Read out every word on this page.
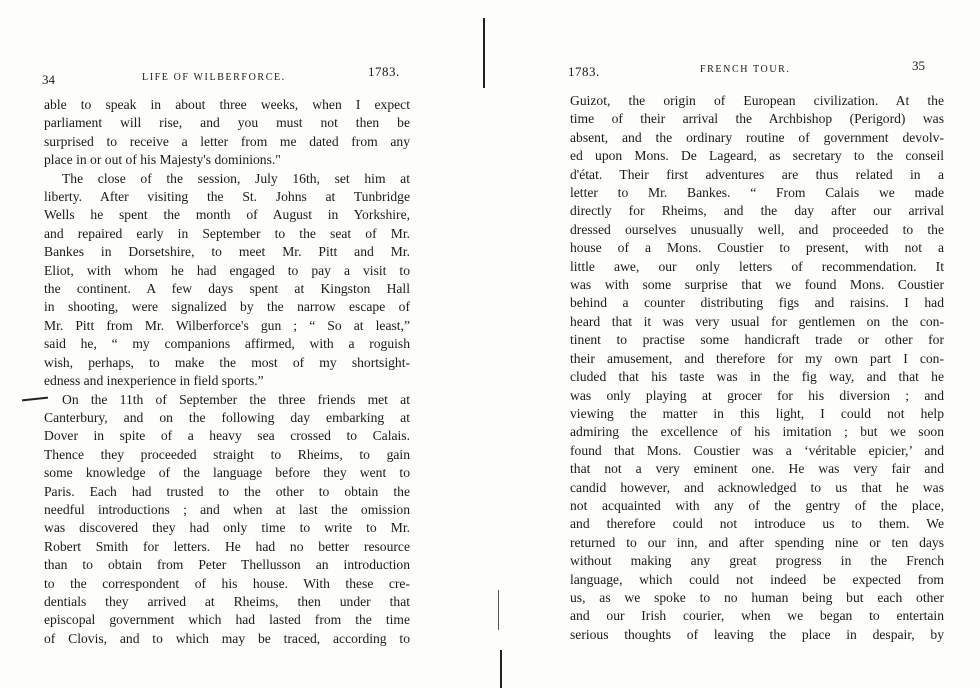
34	LIFE OF WILBERFORCE.	1783.
able to speak in about three weeks, when I expect
parliament will rise, and you must not then be
surprised to receive a letter from me dated from any
place in or out of his Majesty's dominions."
The close of the session, July 16th, set him at
liberty. After visiting the St. Johns at Tunbridge
Wells he spent the month of August in Yorkshire,
and repaired early in September to the seat of Mr.
Bankes in Dorsetshire, to meet Mr. Pitt and Mr.
Eliot, with whom he had engaged to pay a visit to
the continent. A few days spent at Kingston Hall
in shooting, were signalized by the narrow escape of
Mr. Pitt from Mr. Wilberforce's gun ; “ So at least,”
said he, “ my companions affirmed, with a roguish
wish, perhaps, to make the most of my shortsight-
edness and inexperience in field sports.”
On the 11th of September the three friends met at
Canterbury, and on the following day embarking at
Dover in spite of a heavy sea crossed to Calais.
Thence they proceeded straight to Rheims, to gain
some knowledge of the language before they went to
Paris. Each had trusted to the other to obtain the
needful introductions ; and when at last the omission
was discovered they had only time to write to Mr.
Robert Smith for letters. He had no better resource
than to obtain from Peter Thellusson an introduction
to the correspondent of his house. With these cre-
dentials they arrived at Rheims, then under that
episcopal government which had lasted from the time
of Clovis, and to which may be traced, according to
1783.	FRENCH TOUR.	35
Guizot, the origin of European civilization. At the
time of their arrival the Archbishop (Perigord) was
absent, and the ordinary routine of government devolv-
ed upon Mons. De Lageard, as secretary to the conseil
d'état. Their first adventures are thus related in a
letter to Mr. Bankes. “ From Calais we made
directly for Rheims, and the day after our arrival
dressed ourselves unusually well, and proceeded to the
house of a Mons. Coustier to present, with not a
little awe, our only letters of recommendation. It
was with some surprise that we found Mons. Coustier
behind a counter distributing figs and raisins. I had
heard that it was very usual for gentlemen on the con-
tinent to practise some handicraft trade or other for
their amusement, and therefore for my own part I con-
cluded that his taste was in the fig way, and that he
was only playing at grocer for his diversion ; and
viewing the matter in this light, I could not help
admiring the excellence of his imitation ; but we soon
found that Mons. Coustier was a ‘véritable epicier,’ and
that not a very eminent one. He was very fair and
candid however, and acknowledged to us that he was
not acquainted with any of the gentry of the place,
and therefore could not introduce us to them. We
returned to our inn, and after spending nine or ten days
without making any great progress in the French
language, which could not indeed be expected from
us, as we spoke to no human being but each other
and our Irish courier, when we began to entertain
serious thoughts of leaving the place in despair, by
